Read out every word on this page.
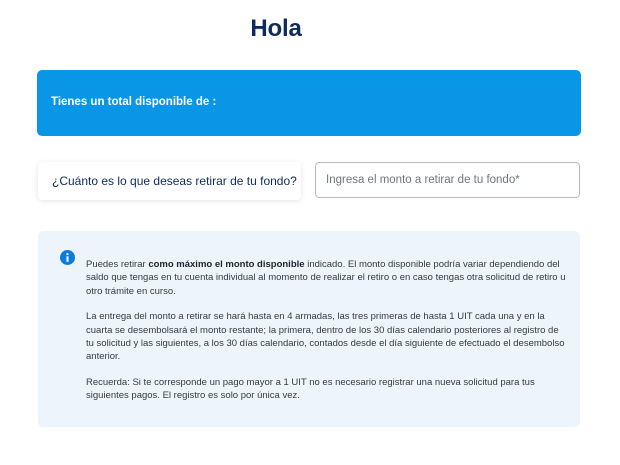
Hola
Tienes un total disponible de :
¿Cuánto es lo que deseas retirar de tu fondo?
Ingresa el monto a retirar de tu fondo*

Puedes retirar como máximo el monto disponible indicado. El monto disponible podría variar dependiendo del saldo que tengas en tu cuenta individual al momento de realizar el retiro o en caso tengas otra solicitud de retiro u otro trámite en curso.

La entrega del monto a retirar se hará hasta en 4 armadas, las tres primeras de hasta 1 UIT cada una y en la cuarta se desembolsará el monto restante; la primera, dentro de los 30 días calendario posteriores al registro de tu solicitud y las siguientes, a los 30 días calendario, contados desde el día siguiente de efectuado el desembolso anterior.

Recuerda: Si te corresponde un pago mayor a 1 UIT no es necesario registrar una nueva solicitud para tus siguientes pagos. El registro es solo por única vez.
